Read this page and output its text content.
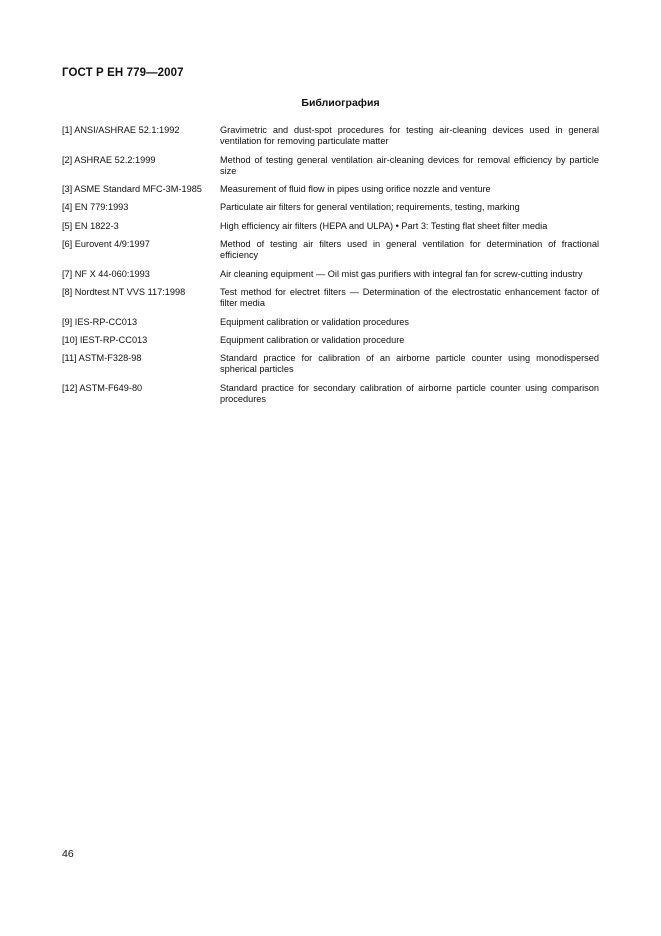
ГОСТ Р ЕН 779—2007
Библиография
[1] ANSI/ASHRAE 52.1:1992	Gravimetric and dust-spot procedures for testing air-cleaning devices used in general ventilation for removing particulate matter
[2] ASHRAE 52.2:1999	Method of testing general ventilation air-cleaning devices for removal efficiency by particle size
[3] ASME Standard MFC-3M-1985	Measurement of fluid flow in pipes using orifice nozzle and venture
[4] EN 779:1993	Particulate air filters for general ventilation; requirements, testing, marking
[5] EN 1822-3	High efficiency air filters (HEPA and ULPA) • Part 3: Testing flat sheet filter media
[6] Eurovent 4/9:1997	Method of testing air filters used in general ventilation for determination of fractional efficiency
[7] NF X 44-060:1993	Air cleaning equipment — Oil mist gas purifiers with integral fan for screw-cutting industry
[8] Nordtest NT VVS 117:1998	Test method for electret filters — Determination of the electrostatic enhancement factor of filter media
[9] IES-RP-CC013	Equipment calibration or validation procedures
[10] IEST-RP-CC013	Equipment calibration or validation procedure
[11] ASTM-F328-98	Standard practice for calibration of an airborne particle counter using monodispersed spherical particles
[12] ASTM-F649-80	Standard practice for secondary calibration of airborne particle counter using comparison procedures
46
